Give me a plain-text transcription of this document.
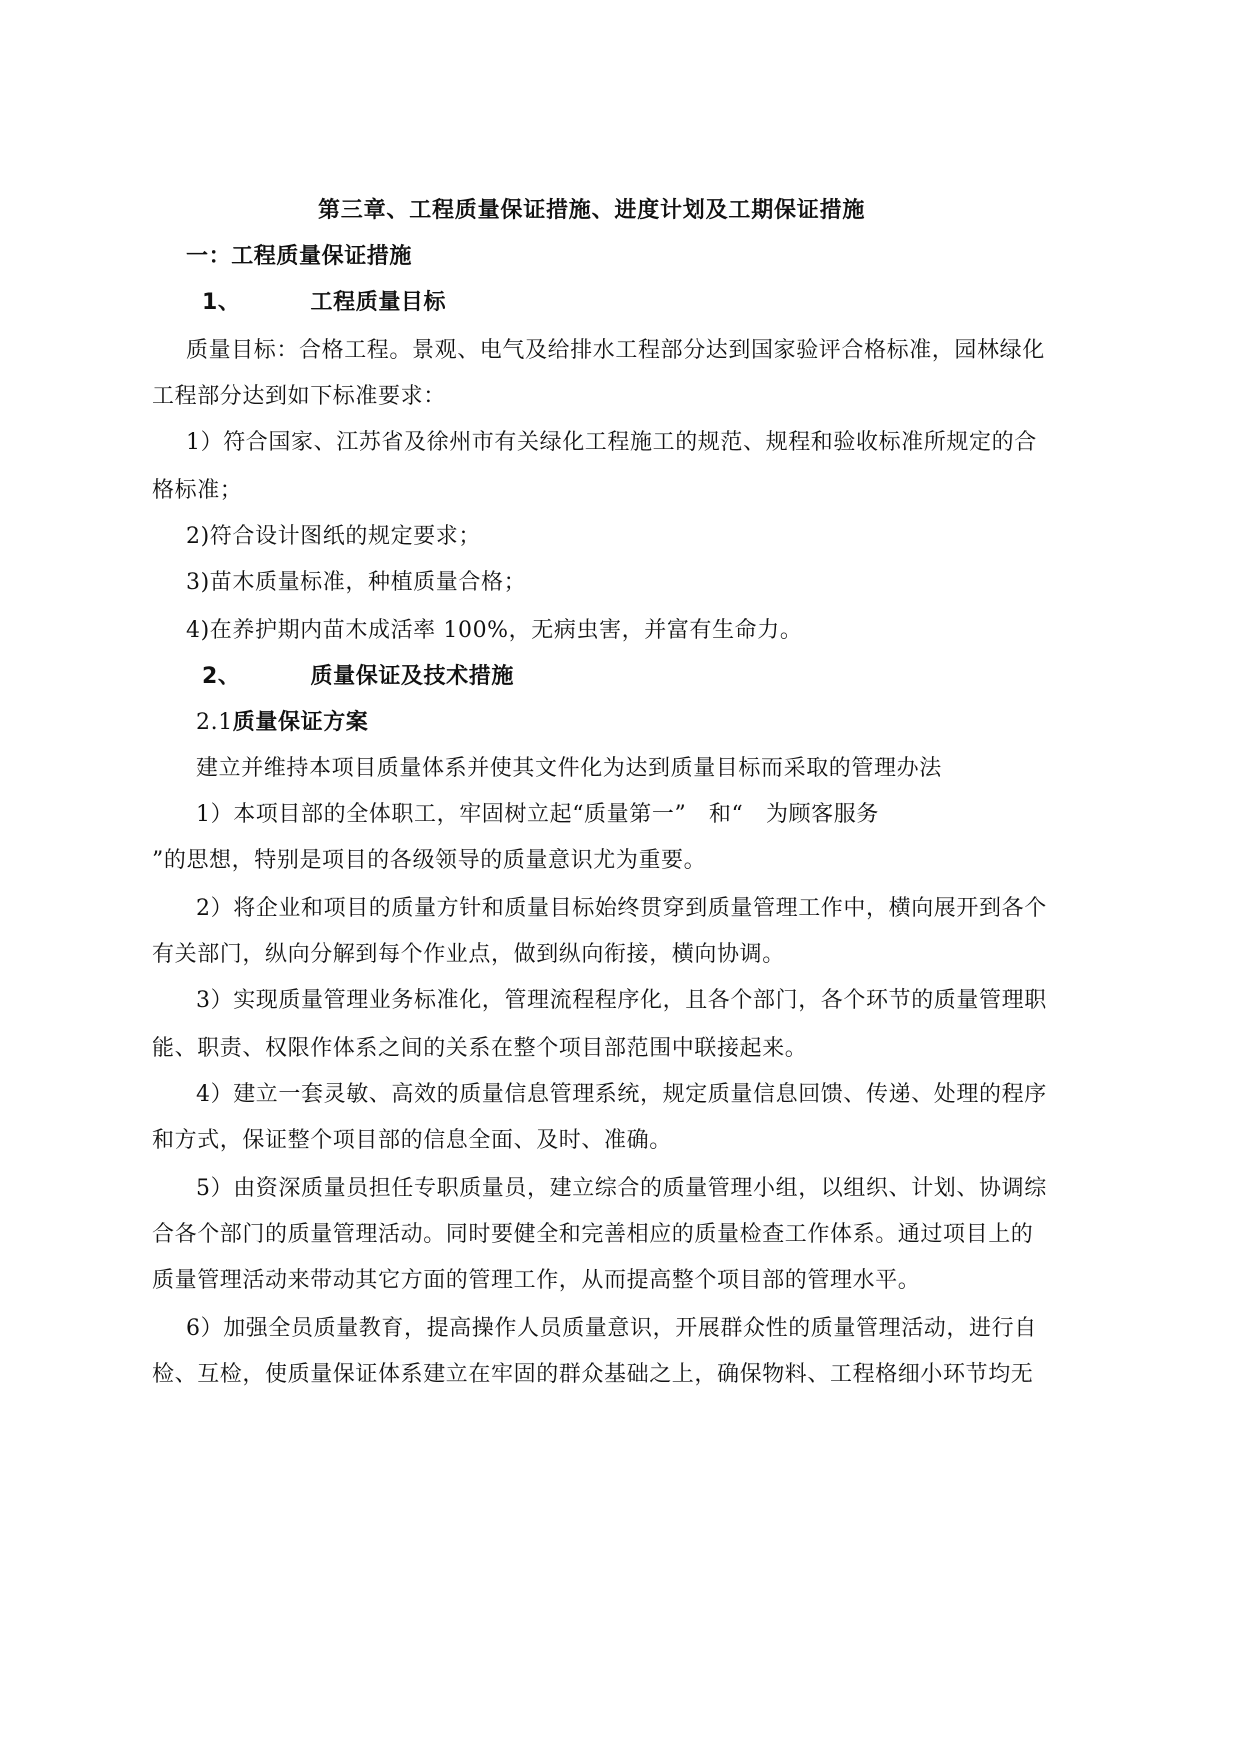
第三章、工程质量保证措施、进度计划及工期保证措施
一：工程质量保证措施
1、	工程质量目标
质量目标：合格工程。景观、电气及给排水工程部分达到国家验评合格标准，园林绿化
工程部分达到如下标准要求：
1）符合国家、江苏省及徐州市有关绿化工程施工的规范、规程和验收标准所规定的合
格标准；
2)符合设计图纸的规定要求；
3)苗木质量标准，种植质量合格；
4)在养护期内苗木成活率 100%，无病虫害，并富有生命力。
2、	质量保证及技术措施
2.1质量保证方案
建立并维持本项目质量体系并使其文件化为达到质量目标而采取的管理办法
1）本项目部的全体职工，牢固树立起“质量第一”　和“　为顾客服务
”的思想，特别是项目的各级领导的质量意识尤为重要。
2）将企业和项目的质量方针和质量目标始终贯穿到质量管理工作中，横向展开到各个
有关部门，纵向分解到每个作业点，做到纵向衔接，横向协调。
3）实现质量管理业务标准化，管理流程程序化，且各个部门，各个环节的质量管理职
能、职责、权限作体系之间的关系在整个项目部范围中联接起来。
4）建立一套灵敏、高效的质量信息管理系统，规定质量信息回馈、传递、处理的程序
和方式，保证整个项目部的信息全面、及时、准确。
5）由资深质量员担任专职质量员，建立综合的质量管理小组，以组织、计划、协调综
合各个部门的质量管理活动。同时要健全和完善相应的质量检查工作体系。通过项目上的
质量管理活动来带动其它方面的管理工作，从而提高整个项目部的管理水平。
6）加强全员质量教育，提高操作人员质量意识，开展群众性的质量管理活动，进行自
检、互检，使质量保证体系建立在牢固的群众基础之上，确保物料、工程格细小环节均无
